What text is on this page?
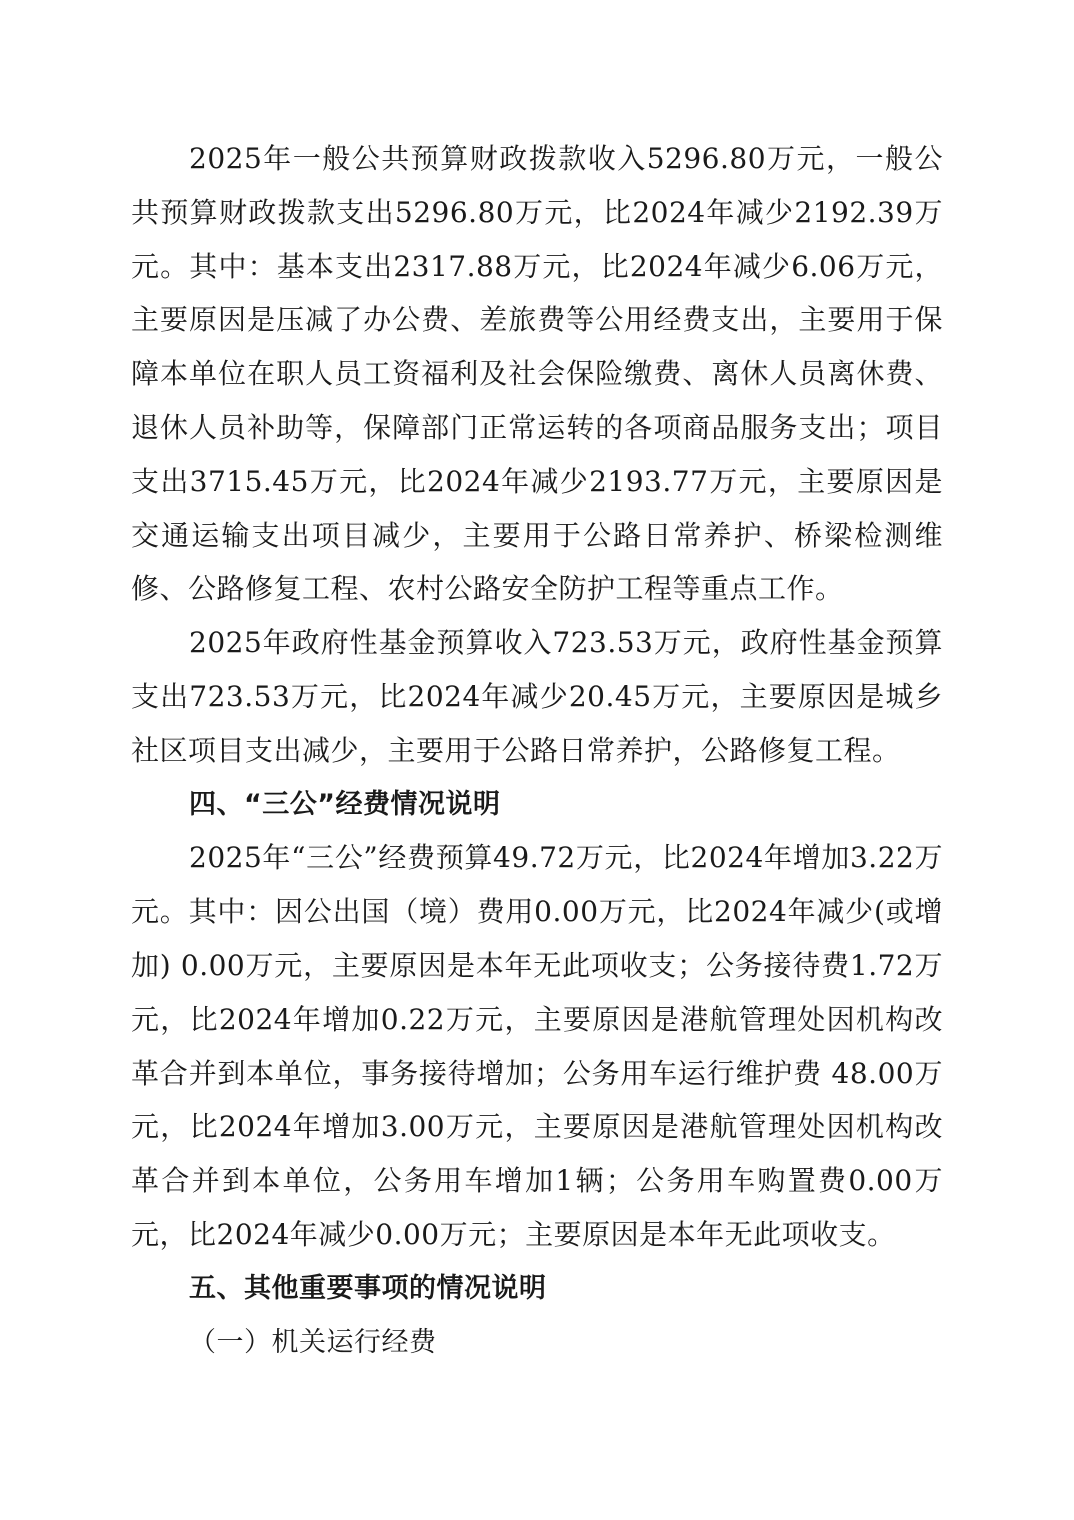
2025年一般公共预算财政拨款收入5296.80万元，一般公共预算财政拨款支出5296.80万元，比2024年减少2192.39万元。其中：基本支出2317.88万元，比2024年减少6.06万元，主要原因是压减了办公费、差旅费等公用经费支出，主要用于保障本单位在职人员工资福利及社会保险缴费、离休人员离休费、退休人员补助等，保障部门正常运转的各项商品服务支出；项目支出3715.45万元，比2024年减少2193.77万元，主要原因是交通运输支出项目减少，主要用于公路日常养护、桥梁检测维修、公路修复工程、农村公路安全防护工程等重点工作。

2025年政府性基金预算收入723.53万元，政府性基金预算支出723.53万元，比2024年减少20.45万元，主要原因是城乡社区项目支出减少，主要用于公路日常养护，公路修复工程。

四、“三公”经费情况说明

2025年“三公”经费预算49.72万元，比2024年增加3.22万元。其中：因公出国（境）费用0.00万元，比2024年减少(或增加) 0.00万元，主要原因是本年无此项收支；公务接待费1.72万元，比2024年增加0.22万元，主要原因是港航管理处因机构改革合并到本单位，事务接待增加；公务用车运行维护费 48.00万元，比2024年增加3.00万元，主要原因是港航管理处因机构改革合并到本单位，公务用车增加1辆；公务用车购置费0.00万元，比2024年减少0.00万元；主要原因是本年无此项收支。

五、其他重要事项的情况说明

（一）机关运行经费
